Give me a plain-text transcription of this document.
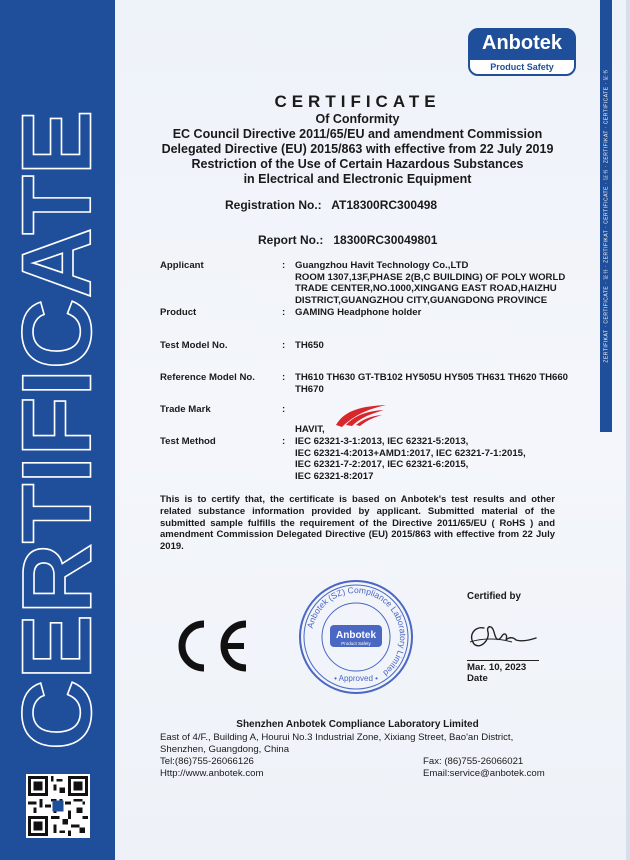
CERTIFICATE	ZERTIFIKAT · CERTIFICATE · 证书 · ZERTIFIKAT · CERTIFICATE · 证书 · ZERTIFIKAT · CERTIFICATE · 证书
Anbotek
Product Safety
CERTIFICATE
Of Conformity
EC Council Directive 2011/65/EU and amendment Commission
Delegated Directive (EU) 2015/863 with effective from 22 July 2019
Restriction of the Use of Certain Hazardous Substances
in Electrical and Electronic Equipment
Registration No.: AT18300RC300498
Report No.: 18300RC30049801
Applicant	: Guangzhou Havit Technology Co.,LTD
ROOM 1307,13F,PHASE 2(B,C BUILDING) OF POLY WORLD
TRADE CENTER,NO.1000,XINGANG EAST ROAD,HAIZHU
DISTRICT,GUANGZHOU CITY,GUANGDONG PROVINCE
Product	: GAMING Headphone holder
Test Model No.	: TH650
Reference Model No.	: TH610 TH630 GT-TB102 HY505U HY505 TH631 TH620 TH660
TH670
Trade Mark	:
HAVIT,
Test Method	: IEC 62321-3-1:2013, IEC 62321-5:2013,
IEC 62321-4:2013+AMD1:2017, IEC 62321-7-1:2015,
IEC 62321-7-2:2017, IEC 62321-6:2015,
IEC 62321-8:2017
This is to certify that, the certificate is based on Anbotek's test results and other related substance information provided by applicant. Submitted material of the submitted sample fulfills the requirement of the Directive 2011/65/EU ( RoHS ) and amendment Commission Delegated Directive (EU) 2015/863 with effective from 22 July 2019.
Anbotek (SZ) Compliance Laboratory Limited
Anbotek
Product Safety
• Approved •
Certified by
Mar. 10, 2023
Date
Shenzhen Anbotek Compliance Laboratory Limited
East of 4/F., Building A, Hourui No.3 Industrial Zone, Xixiang Street, Bao'an District,
Shenzhen, Guangdong, China
Tel:(86)755-26066126	Fax: (86)755-26066021
Http://www.anbotek.com	Email:service@anbotek.com
